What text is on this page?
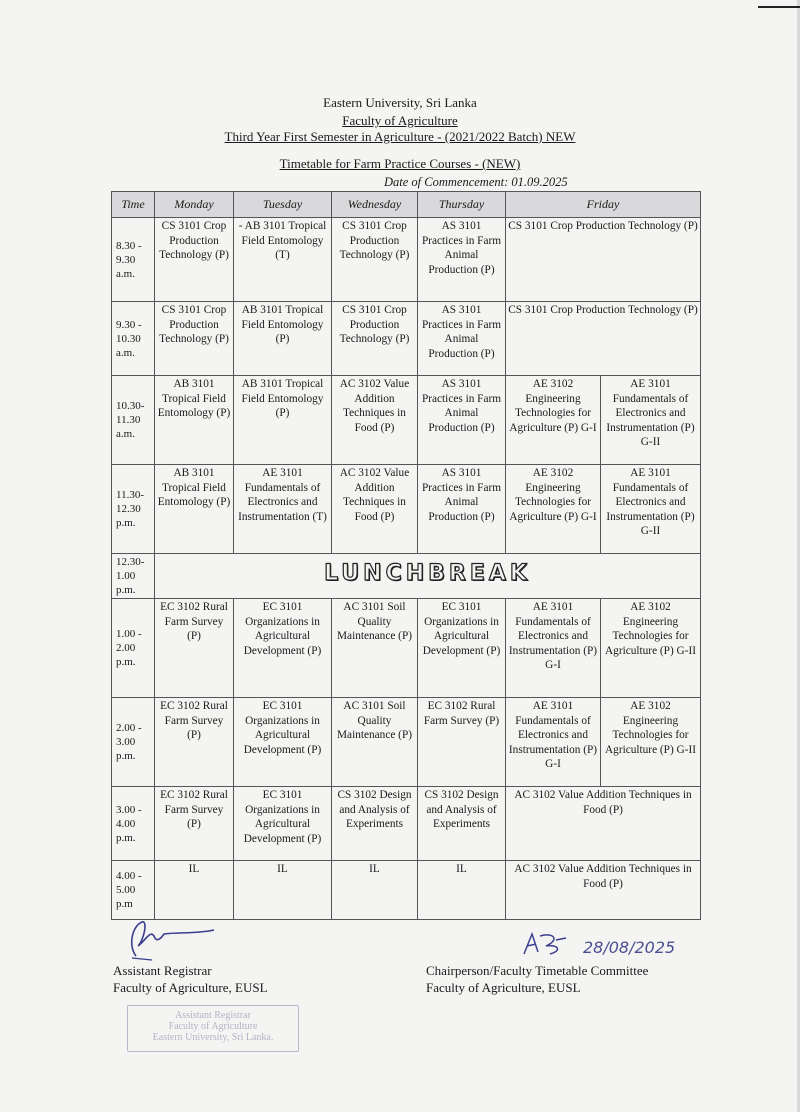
Eastern University, Sri Lanka
Faculty of Agriculture
Third Year First Semester in Agriculture - (2021/2022 Batch) NEW
Timetable for Farm Practice Courses - (NEW)
Date of Commencement: 01.09.2025
Time	Monday	Tuesday	Wednesday	Thursday	Friday	
8.30 - 9.30 a.m.	CS 3101 Crop Production Technology (P)	- AB 3101 Tropical Field Entomology (T)	CS 3101 Crop Production Technology (P)	AS 3101 Practices in Farm Animal Production (P)	CS 3101 Crop Production Technology (P)	
9.30 - 10.30 a.m.	CS 3101 Crop Production Technology (P)	AB 3101 Tropical Field Entomology (P)	CS 3101 Crop Production Technology (P)	AS 3101 Practices in Farm Animal Production (P)	CS 3101 Crop Production Technology (P)	
10.30- 11.30 a.m.	AB 3101 Tropical Field Entomology (P)	AB 3101 Tropical Field Entomology (P)	AC 3102 Value Addition Techniques in Food (P)	AS 3101 Practices in Farm Animal Production (P)	AE 3102 Engineering Technologies for Agriculture (P) G-I	AE 3101 Fundamentals of Electronics and Instrumentation (P) G-II
11.30- 12.30 p.m.	AB 3101 Tropical Field Entomology (P)	AE 3101 Fundamentals of Electronics and Instrumentation (T)	AC 3102 Value Addition Techniques in Food (P)	AS 3101 Practices in Farm Animal Production (P)	AE 3102 Engineering Technologies for Agriculture (P) G-I	AE 3101 Fundamentals of Electronics and Instrumentation (P) G-II
12.30- 1.00 p.m.	LUNCHBREAK					
1.00 - 2.00 p.m.	EC 3102 Rural Farm Survey (P)	EC 3101 Organizations in Agricultural Development (P)	AC 3101 Soil Quality Maintenance (P)	EC 3101 Organizations in Agricultural Development (P)	AE 3101 Fundamentals of Electronics and Instrumentation (P) G-I	AE 3102 Engineering Technologies for Agriculture (P) G-II
2.00 - 3.00 p.m.	EC 3102 Rural Farm Survey (P)	EC 3101 Organizations in Agricultural Development (P)	AC 3101 Soil Quality Maintenance (P)	EC 3102 Rural Farm Survey (P)	AE 3101 Fundamentals of Electronics and Instrumentation (P) G-I	AE 3102 Engineering Technologies for Agriculture (P) G-II
3.00 - 4.00 p.m.	EC 3102 Rural Farm Survey (P)	EC 3101 Organizations in Agricultural Development (P)	CS 3102 Design and Analysis of Experiments	CS 3102 Design and Analysis of Experiments	AC 3102 Value Addition Techniques in Food (P)	
4.00 - 5.00 p.m	IL	IL	IL	IL	AC 3102 Value Addition Techniques in Food (P)	
28/08/2025
Assistant Registrar
Faculty of Agriculture, EUSL
Chairperson/Faculty Timetable Committee
Faculty of Agriculture, EUSL
Assistant Registrar
Faculty of Agriculture
Eastern University, Sri Lanka.
